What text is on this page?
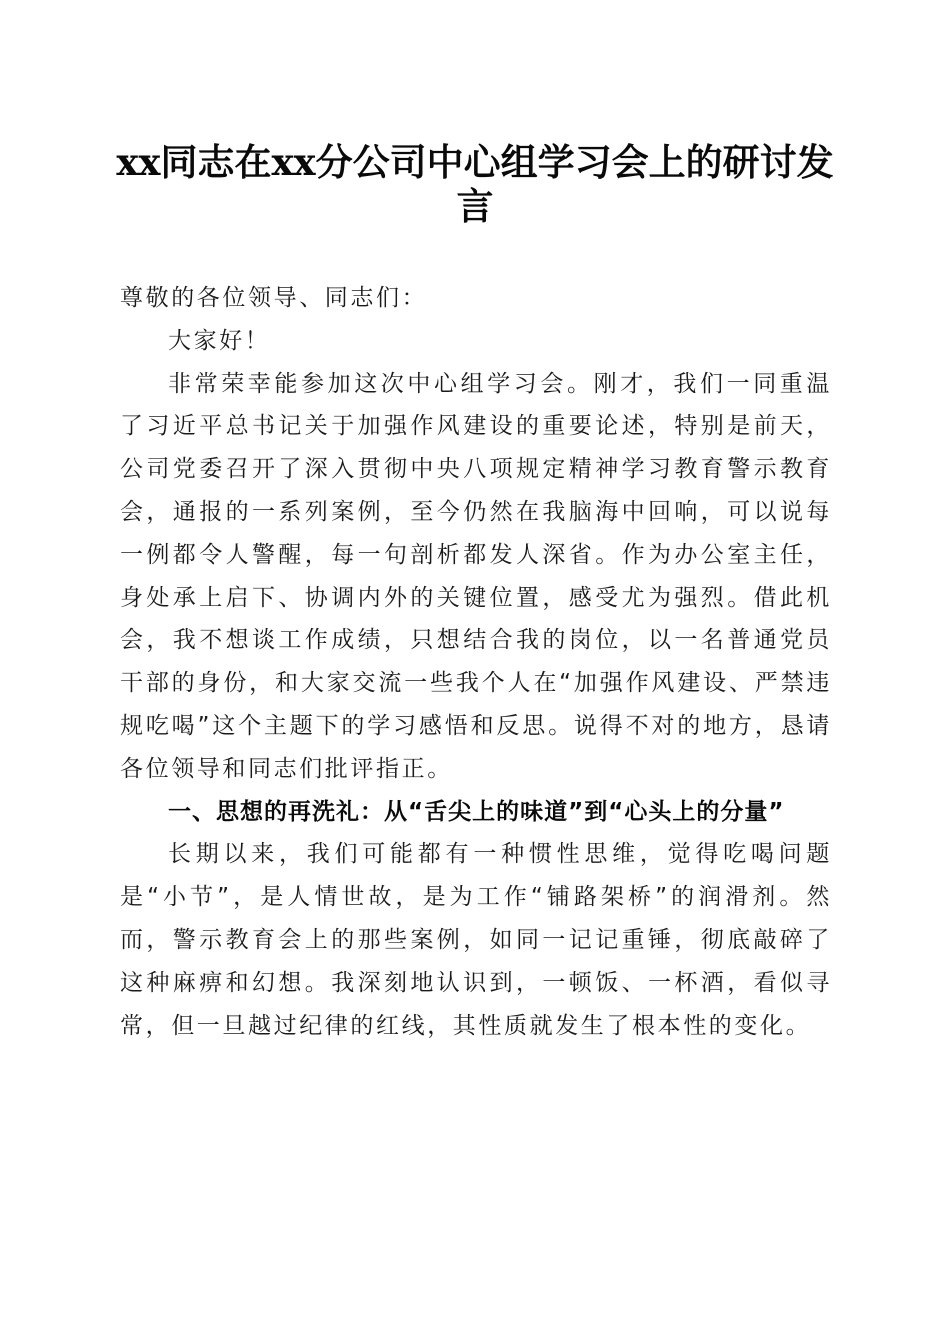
xx同志在xx分公司中心组学习会上的研讨发言

尊敬的各位领导、同志们：

大家好！

非常荣幸能参加这次中心组学习会。刚才，我们一同重温了习近平总书记关于加强作风建设的重要论述，特别是前天，公司党委召开了深入贯彻中央八项规定精神学习教育警示教育会，通报的一系列案例，至今仍然在我脑海中回响，可以说每一例都令人警醒，每一句剖析都发人深省。作为办公室主任，身处承上启下、协调内外的关键位置，感受尤为强烈。借此机会，我不想谈工作成绩，只想结合我的岗位，以一名普通党员干部的身份，和大家交流一些我个人在“加强作风建设、严禁违规吃喝”这个主题下的学习感悟和反思。说得不对的地方，恳请各位领导和同志们批评指正。

一、思想的再洗礼：从“舌尖上的味道”到“心头上的分量”

长期以来，我们可能都有一种惯性思维，觉得吃喝问题是“小节”，是人情世故，是为工作“铺路架桥”的润滑剂。然而，警示教育会上的那些案例，如同一记记重锤，彻底敲碎了这种麻痹和幻想。我深刻地认识到，一顿饭、一杯酒，看似寻常，但一旦越过纪律的红线，其性质就发生了根本性的变化。
